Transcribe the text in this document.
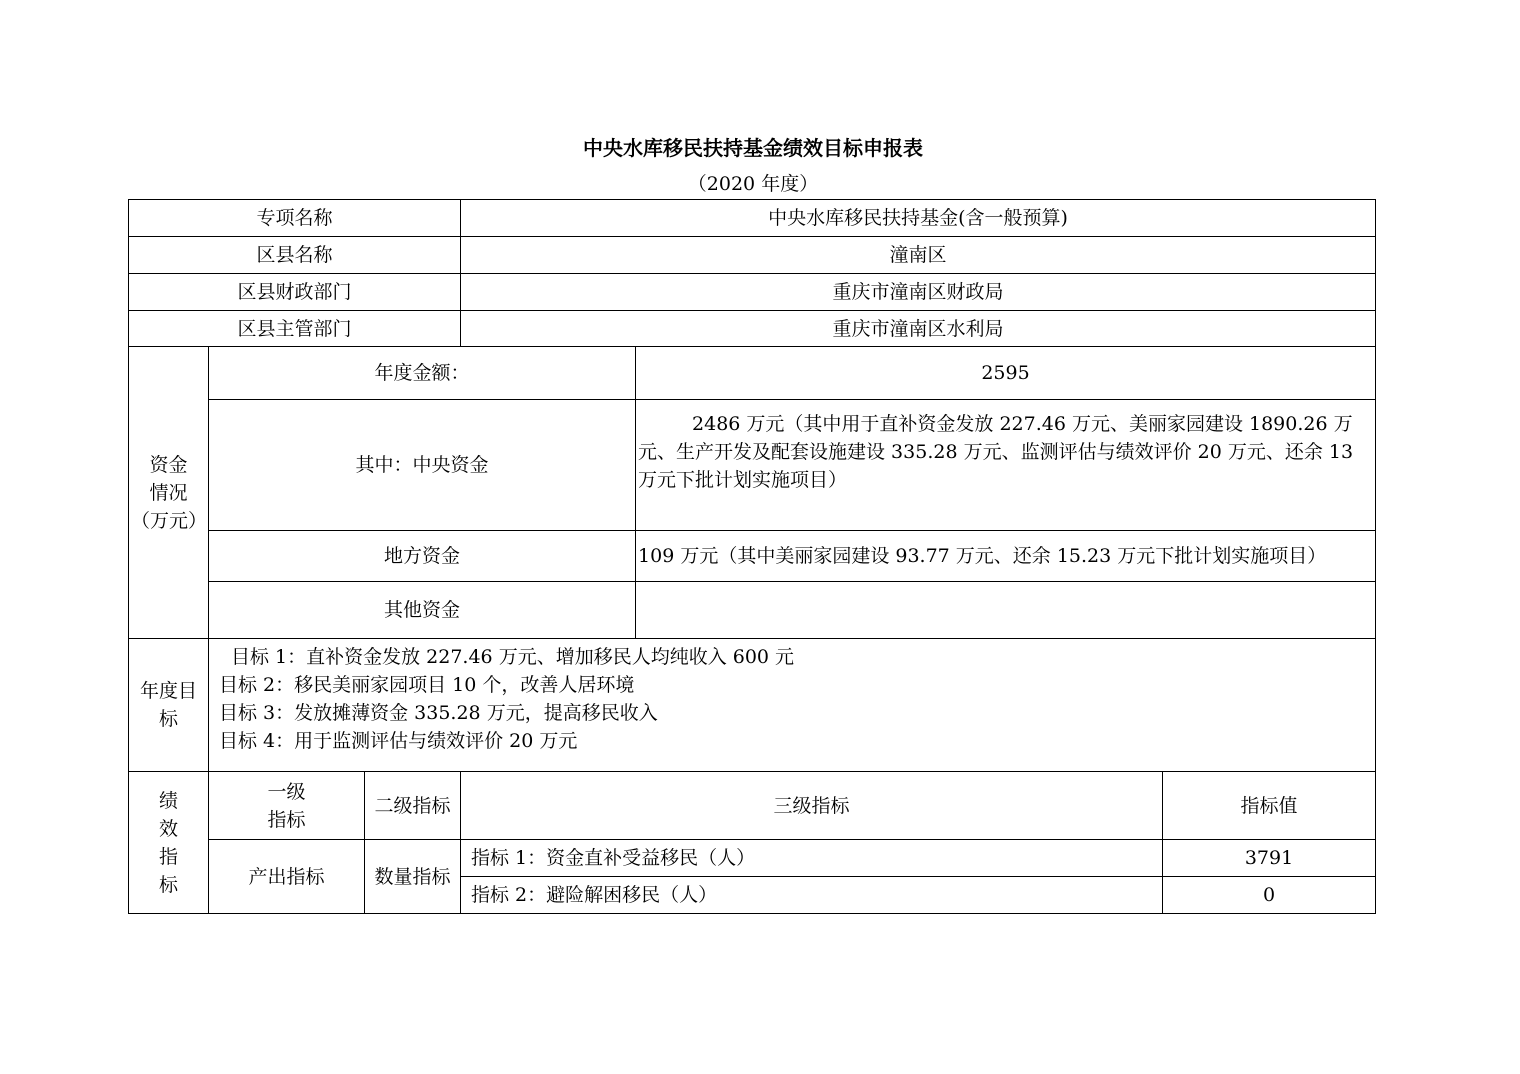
中央水库移民扶持基金绩效目标申报表
（2020 年度）
专项名称			中央水库移民扶持基金(含一般预算)		
区县名称			潼南区		
区县财政部门			重庆市潼南区财政局		
区县主管部门			重庆市潼南区水利局		

资金
情况
（万元）	年度金额：			2595	
	其中：中央资金			2486 万元（其中用于直补资金发放 227.46 万元、美丽家园建设 1890.26 万元、生产开发及配套设施建设 335.28 万元、监测评估与绩效评价 20 万元、还余 13 万元下批计划实施项目）	
	地方资金			109 万元（其中美丽家园建设 93.77 万元、还余 15.23 万元下批计划实施项目）	
	其他资金				

年度目
标	目标 1：直补资金发放 227.46 万元、增加移民人均纯收入 600 元
目标 2：移民美丽家园项目 10 个，改善人居环境
目标 3：发放摊薄资金 335.28 万元，提高移民收入
目标 4：用于监测评估与绩效评价 20 万元				

绩
效
指
标	一级
指标	二级指标	三级指标		指标值
	产出指标	数量指标	指标 1：资金直补受益移民（人）		3791
			指标 2：避险解困移民（人）		0
